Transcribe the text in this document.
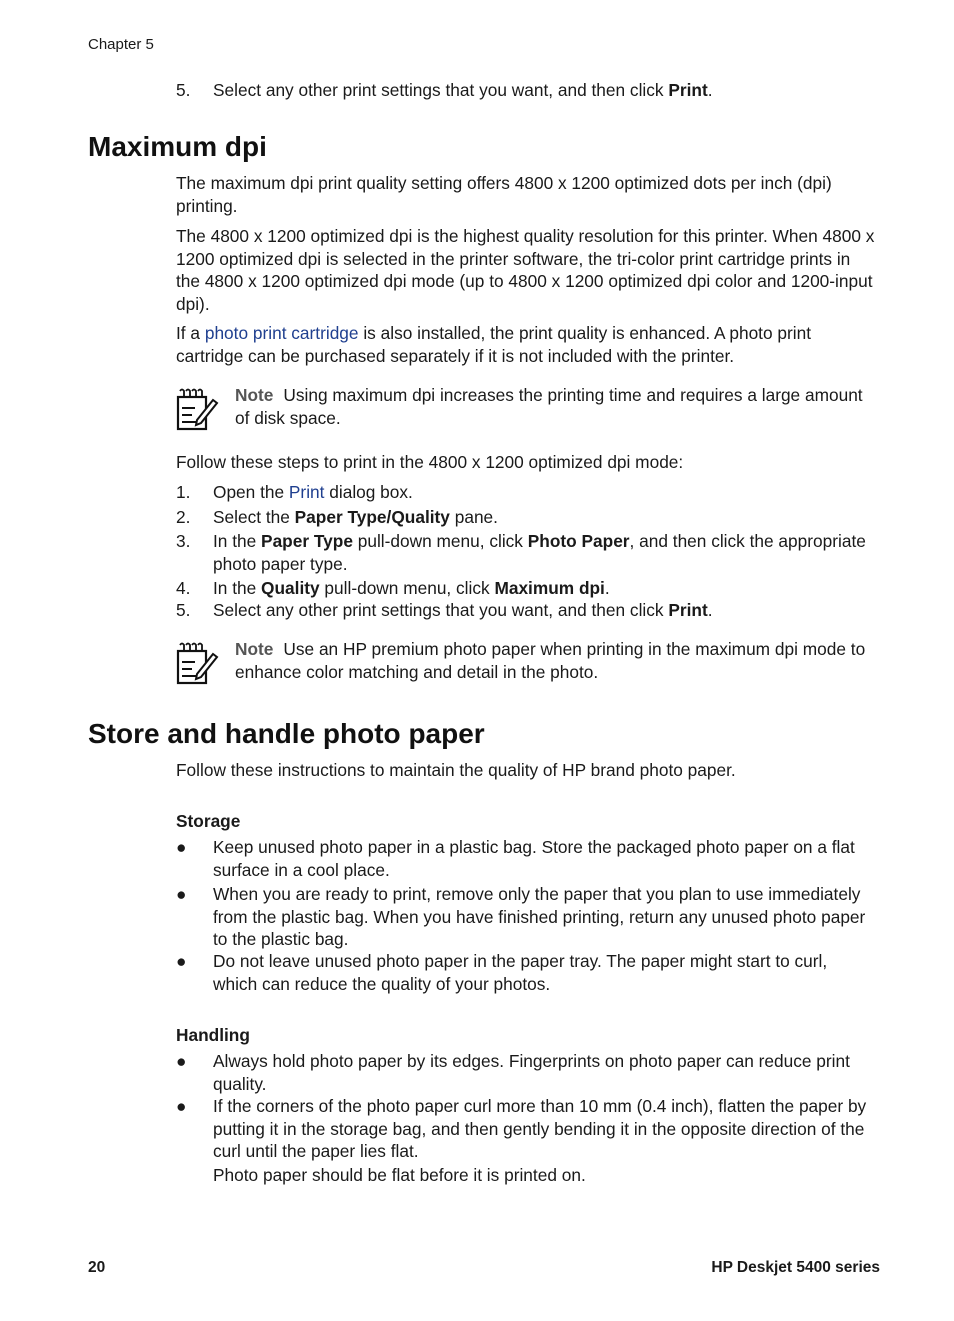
Chapter 5
5.	Select any other print settings that you want, and then click Print.
Maximum dpi

The maximum dpi print quality setting offers 4800 x 1200 optimized dots per inch (dpi) printing.

The 4800 x 1200 optimized dpi is the highest quality resolution for this printer. When 4800 x 1200 optimized dpi is selected in the printer software, the tri-color print cartridge prints in the 4800 x 1200 optimized dpi mode (up to 4800 x 1200 optimized dpi color and 1200-input dpi).

If a photo print cartridge is also installed, the print quality is enhanced. A photo print cartridge can be purchased separately if it is not included with the printer.

Note Using maximum dpi increases the printing time and requires a large amount of disk space.

Follow these steps to print in the 4800 x 1200 optimized dpi mode:

1.	Open the Print dialog box.
2.	Select the Paper Type/Quality pane.
3.	In the Paper Type pull-down menu, click Photo Paper, and then click the appropriate photo paper type.
4.	In the Quality pull-down menu, click Maximum dpi.
5.	Select any other print settings that you want, and then click Print.
Note Use an HP premium photo paper when printing in the maximum dpi mode to enhance color matching and detail in the photo.
Store and handle photo paper

Follow these instructions to maintain the quality of HP brand photo paper.

Storage
●	Keep unused photo paper in a plastic bag. Store the packaged photo paper on a flat surface in a cool place.
●	When you are ready to print, remove only the paper that you plan to use immediately from the plastic bag. When you have finished printing, return any unused photo paper to the plastic bag.
●	Do not leave unused photo paper in the paper tray. The paper might start to curl, which can reduce the quality of your photos.
Handling
●	Always hold photo paper by its edges. Fingerprints on photo paper can reduce print quality.
●	If the corners of the photo paper curl more than 10 mm (0.4 inch), flatten the paper by putting it in the storage bag, and then gently bending it in the opposite direction of the curl until the paper lies flat.
Photo paper should be flat before it is printed on.
20	HP Deskjet 5400 series
